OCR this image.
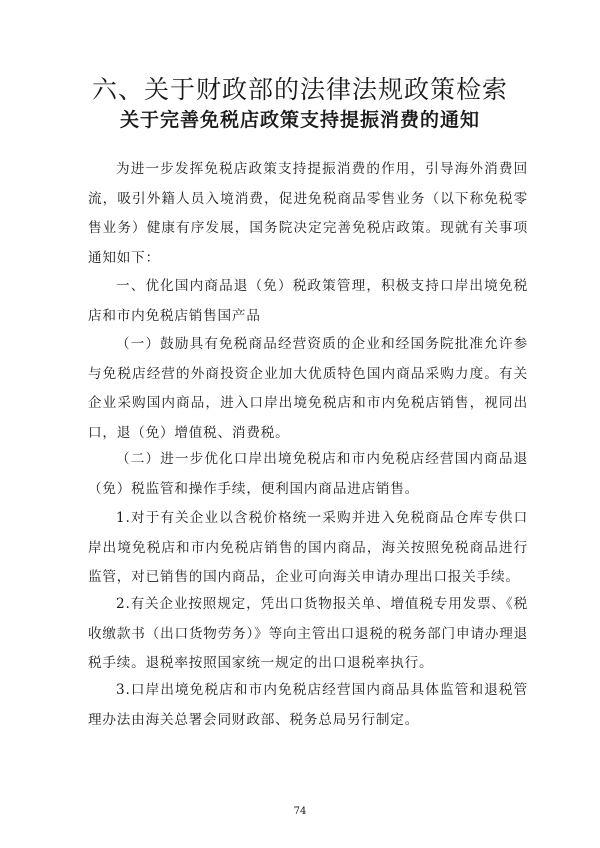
六、关于财政部的法律法规政策检索
关于完善免税店政策支持提振消费的通知

为进一步发挥免税店政策支持提振消费的作用，引导海外消费回流，吸引外籍人员入境消费，促进免税商品零售业务（以下称免税零售业务）健康有序发展，国务院决定完善免税店政策。现就有关事项通知如下：

一、优化国内商品退（免）税政策管理，积极支持口岸出境免税店和市内免税店销售国产品

（一）鼓励具有免税商品经营资质的企业和经国务院批准允许参与免税店经营的外商投资企业加大优质特色国内商品采购力度。有关企业采购国内商品，进入口岸出境免税店和市内免税店销售，视同出口，退（免）增值税、消费税。

（二）进一步优化口岸出境免税店和市内免税店经营国内商品退（免）税监管和操作手续，便利国内商品进店销售。

1.对于有关企业以含税价格统一采购并进入免税商品仓库专供口岸出境免税店和市内免税店销售的国内商品，海关按照免税商品进行监管，对已销售的国内商品，企业可向海关申请办理出口报关手续。

2.有关企业按照规定，凭出口货物报关单、增值税专用发票、《税收缴款书（出口货物劳务）》等向主管出口退税的税务部门申请办理退税手续。退税率按照国家统一规定的出口退税率执行。

3.口岸出境免税店和市内免税店经营国内商品具体监管和退税管理办法由海关总署会同财政部、税务总局另行制定。

74
